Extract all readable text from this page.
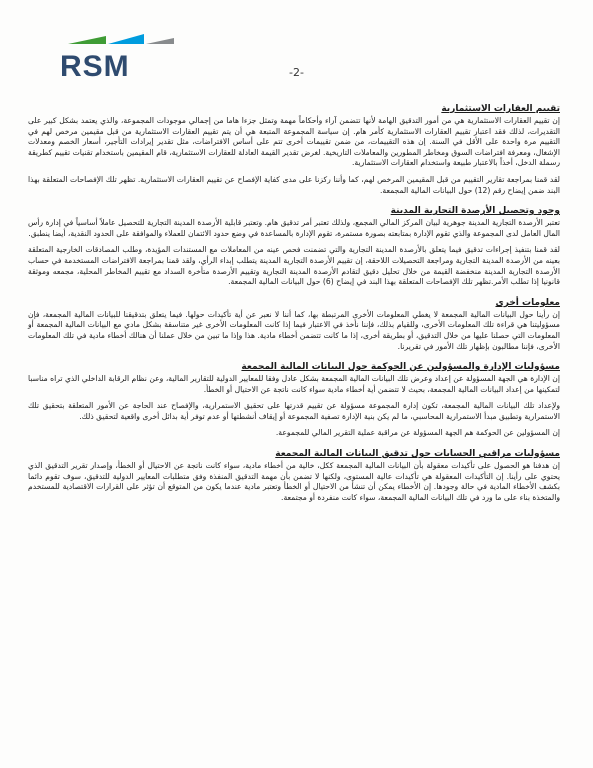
RSM	-2-
تقييم العقارات الاستثمارية

إن تقييم العقارات الاستثمارية هي من أمور التدقيق الهامة لأنها تتضمن آراء وأحكاماً مهمة وتمثل جزءا هاما من إجمالي موجودات المجموعة، والذي يعتمد بشكل كبير على التقديرات، لذلك فقد اعتبار تقييم العقارات الاستثمارية كأمر هام. إن سياسة المجموعة المتبعة هي أن يتم تقييم العقارات الاستثمارية من قبل مقيمين مرخص لهم في التقييم مرة واحدة على الأقل في السنة. إن هذه التقييمات، من ضمن تقييمات أخرى تتم على أساس الافتراضات، مثل تقدير إيرادات التأجير، أسعار الخصم ومعدلات الإشغال، ومعرفة افتراضات السوق ومخاطر المطورين والمعاملات التاريخية. لغرض تقدير القيمة العادلة للعقارات الاستثمارية، قام المقيمين باستخدام تقنيات تقييم كطريقة رسملة الدخل، أخذاً بالاعتبار طبيعة واستخدام العقارات الاستثمارية.

لقد قمنا بمراجعة تقارير التقييم من قبل المقيمين المرخص لهم، كما وأننا ركزنا على مدى كفاية الإفصاح عن تقييم العقارات الاستثمارية. تظهر تلك الإفصاحات المتعلقة بهذا البند ضمن إيضاح رقم (12) حول البيانات المالية المجمعة.

وجود وتحصيل الأرصدة التجارية المدينة

تعتبر الأرصدة التجارية المدينة جوهرية لبيان المركز المالي المجمع، ولذلك تعتبر أمر تدقيق هام. وتعتبر قابلية الأرصدة المدينة التجارية للتحصيل عاملاً أساسياً في إدارة رأس المال العامل لدى المجموعة والذي تقوم الإدارة بمتابعته بصورة مستمرة، تقوم الإدارة بالمساعدة في وضع حدود الائتمان للعملاء والموافقة على الحدود النقدية، أيضا ينطبق.

لقد قمنا بتنفيذ إجراءات تدقيق فيما يتعلق بالأرصدة المدينة التجارية والتي تضمنت فحص عينه من المعاملات مع المستندات المؤيدة، وطلب المصادقات الخارجية المتعلقة بعينه من الأرصدة المدينة التجارية ومراجعة التحصيلات اللاحقة، إن تقييم الأرصدة التجارية المدينة يتطلب إبداء الرأي، ولقد قمنا بمراجعة الافتراضات المستخدمة في حساب الأرصدة التجارية المدينة منخفضة القيمة من خلال تحليل دقيق لتقادم الأرصدة المدينة التجارية وتقييم الأرصدة متأخرة السداد مع تقييم المخاطر المحلية، مجمعه وموثقة قانونيا إذا تطلب الأمر.تظهر تلك الإفصاحات المتعلقة بهذا البند في إيضاح (6) حول البيانات المالية المجمعة.

معلومات أخرى

إن رأينا حول البيانات المالية المجمعة لا يغطي المعلومات الأخرى المرتبطة بها، كما أننا لا نعبر عن أية تأكيدات حولها. فيما يتعلق بتدقيقنا للبيانات المالية المجمعة، فإن مسؤوليتنا هي قراءة تلك المعلومات الأخرى، وللقيام بذلك، فإننا نأخذ في الاعتبار فيما إذا كانت المعلومات الأخرى غير متناسقة بشكل مادي مع البيانات المالية المجمعة أو المعلومات التي حصلنا عليها من خلال التدقيق، أو بطريقة أخرى، إذا ما كانت تتضمن أخطاء مادية. هذا وإذا ما تبين من خلال عملنا أن هنالك أخطاء مادية في تلك المعلومات الأخرى، فإننا مطالبون بإظهار تلك الأمور في تقريرنا.

مسؤوليات الإدارة والمسؤولين عن الحوكمة حول البيانات المالية المجمعة

إن الإدارة هي الجهة المسؤولة عن إعداد وعرض تلك البيانات المالية المجمعة بشكل عادل وفقا للمعايير الدولية للتقارير المالية، وعن نظام الرقابة الداخلي الذي تراه مناسبا لتمكينها من إعداد البيانات المالية المجمعة، بحيث لا تتضمن أية أخطاء مادية سواء كانت ناتجة عن الاحتيال أو الخطأ.

ولإعداد تلك البيانات المالية المجمعة، تكون إدارة المجموعة مسؤولة عن تقييم قدرتها على تحقيق الاستمرارية، والإفصاح عند الحاجة عن الأمور المتعلقة بتحقيق تلك الاستمرارية وتطبيق مبدأ الاستمرارية المحاسبي، ما لم يكن بنية الإدارة تصفية المجموعة أو إيقاف أنشطتها أو عدم توفر أية بدائل أخرى واقعية لتحقيق ذلك.

إن المسؤولين عن الحوكمة هم الجهة المسؤولة عن مراقبة عملية التقرير المالي للمجموعة.

مسؤوليات مراقبي الحسابات حول تدقيق البيانات المالية المجمعة

إن هدفنا هو الحصول على تأكيدات معقولة بأن البيانات المالية المجمعة ككل، خالية من أخطاء مادية، سواء كانت ناتجة عن الاحتيال أو الخطأ، وإصدار تقرير التدقيق الذي يحتوي على رأينا. إن التأكيدات المعقولة هي تأكيدات عالية المستوى، ولكنها لا تضمن بأن مهمة التدقيق المنفذة وفق متطلبات المعايير الدولية للتدقيق، سوف تقوم دائما بكشف الأخطاء المادية في حالة وجودها. إن الأخطاء يمكن أن تنشأ من الاحتيال أو الخطأ وتعتبر مادية عندما يكون من المتوقع أن تؤثر على القرارات الاقتصادية للمستخدم والمتخذة بناء على ما ورد في تلك البيانات المالية المجمعة، سواء كانت منفردة أو مجتمعة.
